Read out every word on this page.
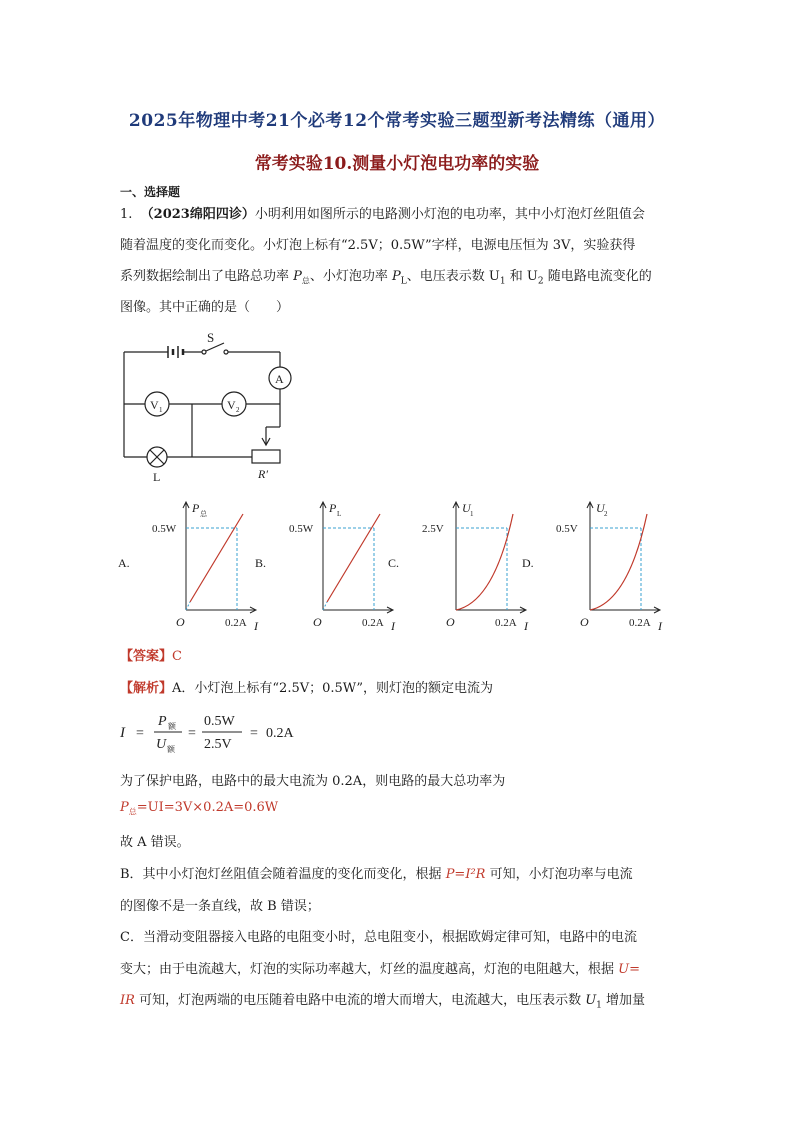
2025年物理中考21个必考12个常考实验三题型新考法精练（通用）
常考实验10.测量小灯泡电功率的实验
一、选择题
1. （2023绵阳四诊）小明利用如图所示的电路测小灯泡的电功率，其中小灯泡灯丝阻值会
随着温度的变化而变化。小灯泡上标有“2.5V；0.5W”字样，电源电压恒为 3V，实验获得
系列数据绘制出了电路总功率 $P_总$、小灯泡功率 $P_L$、电压表示数 $U_1$ 和 $U_2$ 随电路电流变化的
图像。其中正确的是（　　）
S
A
V 1	V 2
L	R′
P 总
0.5W
0.2A I
O
A.
P L
0.5W
0.2A I
O
B.
U 1
2.5V
0.2A I
O
C.
U 2
0.5V
0.2A I
O
D.
【答案】C
【解析】A．小灯泡上标有“2.5V；0.5W”，则灯泡的额定电流为
I =
P 额
U 额
=
0.5W
2.5V
= 0.2A
为了保护电路，电路中的最大电流为 0.2A，则电路的最大总功率为
$P_总=UI=3V\times 0.2A=0.6W$
故 A 错误。
B．其中小灯泡灯丝阻值会随着温度的变化而变化，根据 P=I²R 可知，小灯泡功率与电流
的图像不是一条直线，故 B 错误；
C．当滑动变阻器接入电路的电阻变小时，总电阻变小，根据欧姆定律可知，电路中的电流
变大；由于电流越大，灯泡的实际功率越大，灯丝的温度越高，灯泡的电阻越大，根据 U=
IR 可知，灯泡两端的电压随着电路中电流的增大而增大，电流越大，电压表示数 $U_1$ 增加量
